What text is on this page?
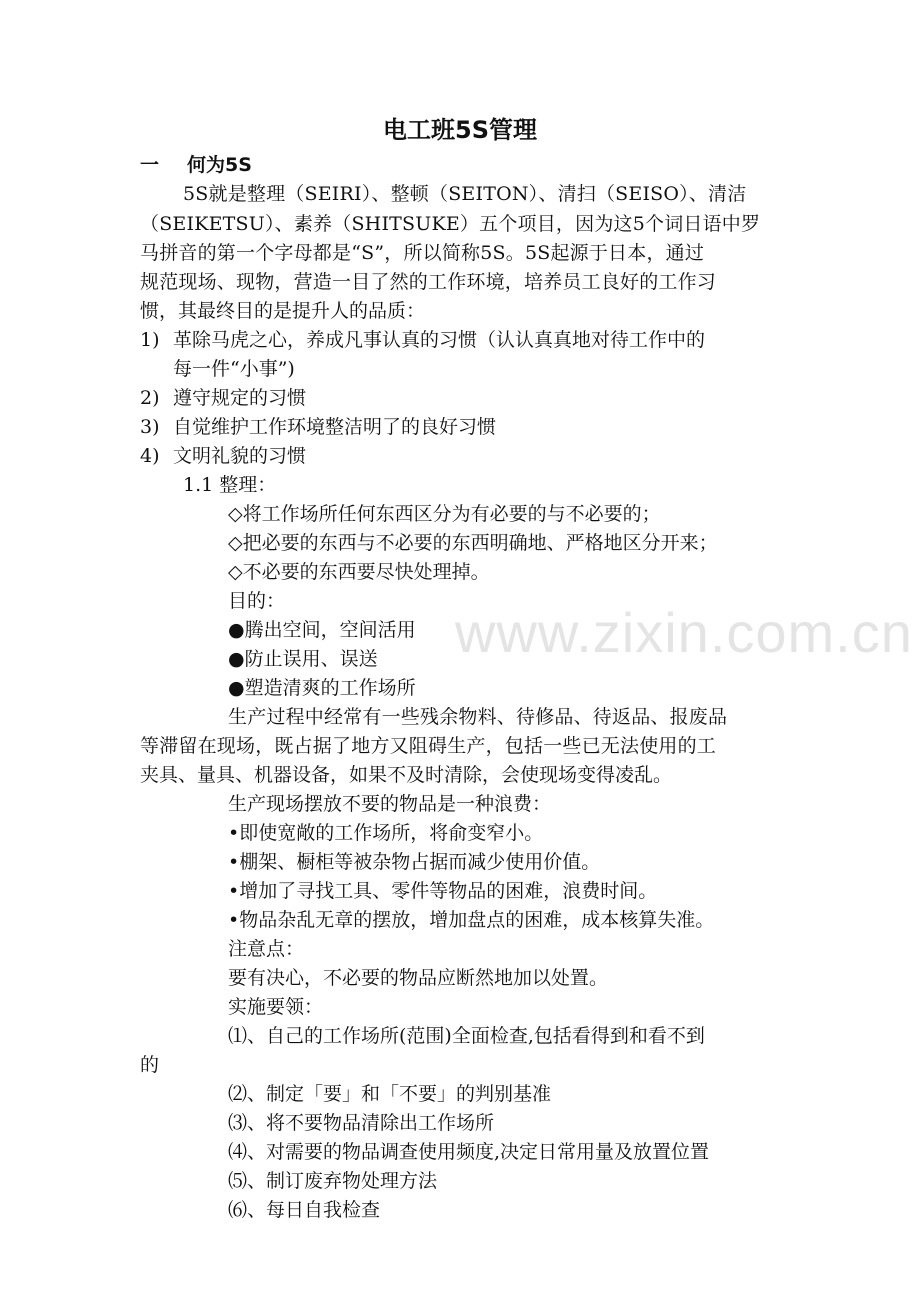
www.zixin.com.cn
电工班5S管理
一 何为5S
5S就是整理（SEIRI）、整顿（SEITON）、清扫（SEISO）、清洁
（SEIKETSU）、素养（SHITSUKE）五个项目，因为这5个词日语中罗
马拼音的第一个字母都是“S”，所以简称5S。5S起源于日本，通过
规范现场、现物，营造一目了然的工作环境，培养员工良好的工作习
惯，其最终目的是提升人的品质：
1) 革除马虎之心，养成凡事认真的习惯（认认真真地对待工作中的
每一件“小事”)
2) 遵守规定的习惯
3) 自觉维护工作环境整洁明了的良好习惯
4) 文明礼貌的习惯
1.1 整理：
◇将工作场所任何东西区分为有必要的与不必要的；
◇把必要的东西与不必要的东西明确地、严格地区分开来；
◇不必要的东西要尽快处理掉。
目的：
●腾出空间，空间活用
●防止误用、误送
●塑造清爽的工作场所
生产过程中经常有一些残余物料、待修品、待返品、报废品
等滞留在现场，既占据了地方又阻碍生产，包括一些已无法使用的工
夹具、量具、机器设备，如果不及时清除，会使现场变得凌乱。
生产现场摆放不要的物品是一种浪费：
•即使宽敞的工作场所，将俞变窄小。
•棚架、橱柜等被杂物占据而减少使用价值。
•增加了寻找工具、零件等物品的困难，浪费时间。
•物品杂乱无章的摆放，增加盘点的困难，成本核算失准。
注意点：
要有决心，不必要的物品应断然地加以处置。
实施要领：
⑴、自己的工作场所(范围)全面检查,包括看得到和看不到
的
⑵、制定「要」和「不要」的判别基准
⑶、将不要物品清除出工作场所
⑷、对需要的物品调查使用频度,决定日常用量及放置位置
⑸、制订废弃物处理方法
⑹、每日自我检查
